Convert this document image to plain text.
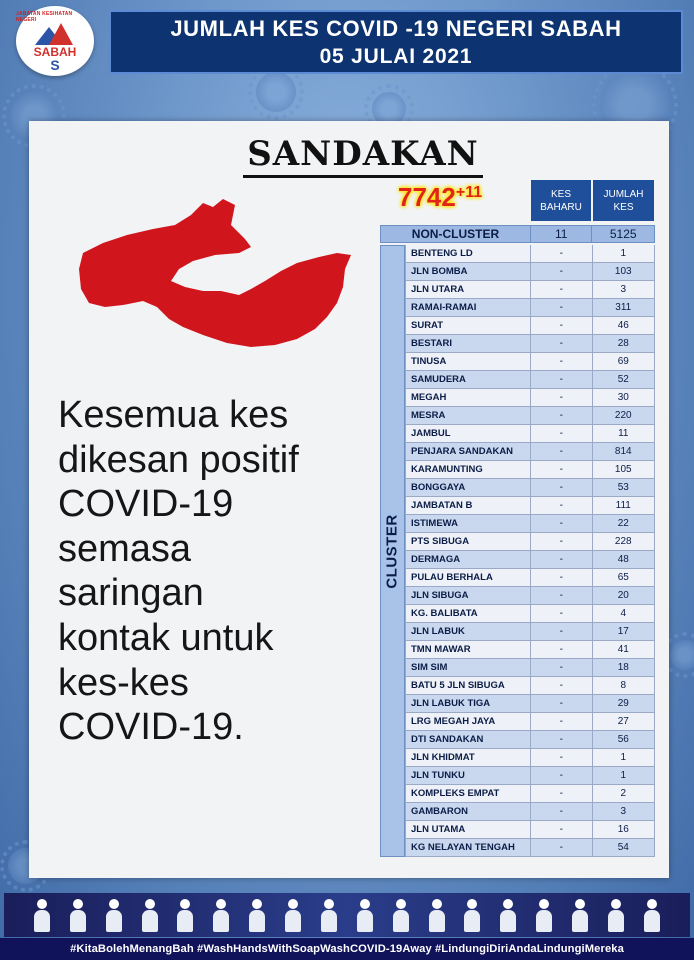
JABATAN KESIHATAN NEGERI
SABAH
S
JUMLAH KES COVID -19 NEGERI SABAH
05 JULAI 2021
SANDAKAN
$7742^{+11}$
Kesemua kes
dikesan positif
COVID-19
semasa
saringan
kontak untuk
kes-kes
COVID-19.
KES
BAHARU
JUMLAH
KES
NON-CLUSTER	11	5125
CLUSTER
BENTENG LD	-	1
JLN BOMBA	-	103
JLN UTARA	-	3
RAMAI-RAMAI	-	311
SURAT	-	46
BESTARI	-	28
TINUSA	-	69
SAMUDERA	-	52
MEGAH	-	30
MESRA	-	220
JAMBUL	-	11
PENJARA SANDAKAN	-	814
KARAMUNTING	-	105
BONGGAYA	-	53
JAMBATAN B	-	111
ISTIMEWA	-	22
PTS SIBUGA	-	228
DERMAGA	-	48
PULAU BERHALA	-	65
JLN SIBUGA	-	20
KG. BALIBATA	-	4
JLN LABUK	-	17
TMN MAWAR	-	41
SIM SIM	-	18
BATU 5 JLN SIBUGA	-	8
JLN LABUK TIGA	-	29
LRG MEGAH JAYA	-	27
DTI SANDAKAN	-	56
JLN KHIDMAT	-	1
JLN TUNKU	-	1
KOMPLEKS EMPAT	-	2
GAMBARON	-	3
JLN UTAMA	-	16
KG NELAYAN TENGAH	-	54
#KitaBolehMenangBah #WashHandsWithSoapWashCOVID-19Away #LindungiDiriAndaLindungiMereka
